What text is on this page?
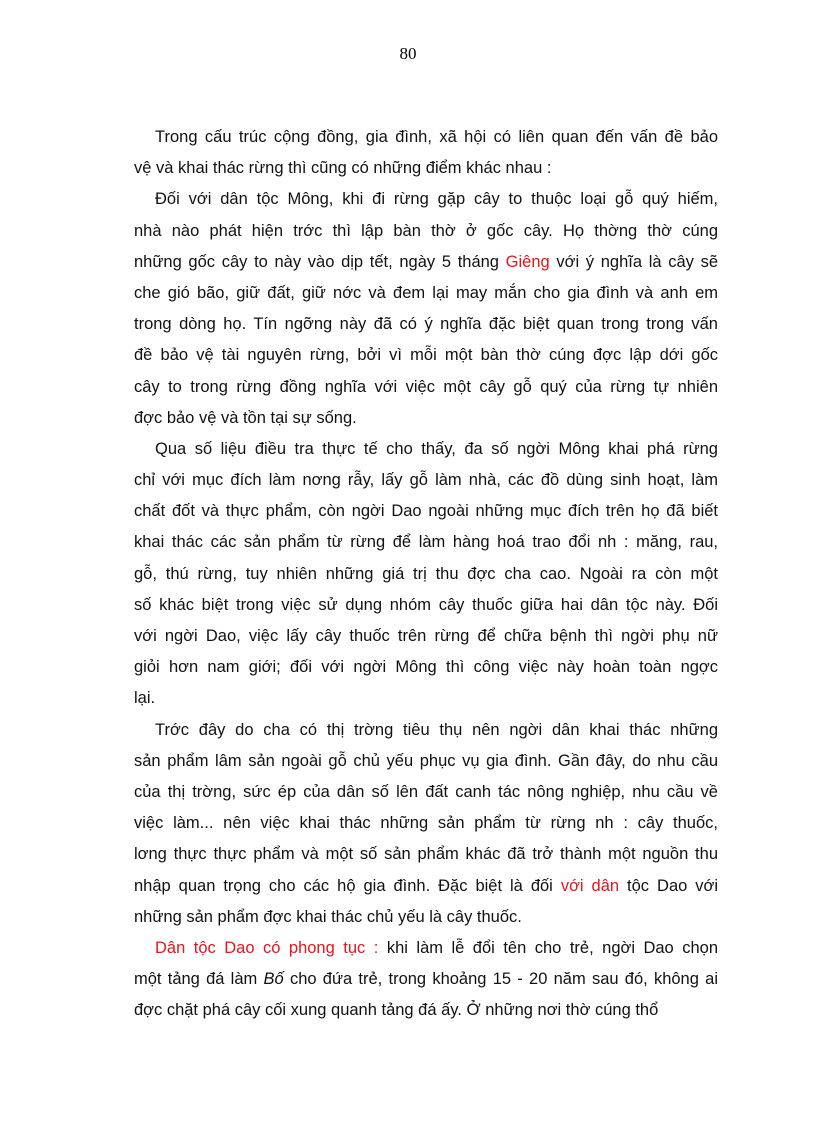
80
Trong cấu trúc cộng đồng, gia đình, xã hội có liên quan đến vấn đề bảo
vệ và khai thác rừng thì cũng có những điểm khác nhau :
Đối với dân tộc Mông, khi đi rừng gặp cây to thuộc loại gỗ quý hiếm,
nhà nào phát hiện trớc thì lập bàn thờ ở gốc cây. Họ thờng thờ cúng
những gốc cây to này vào dịp tết, ngày 5 tháng Giêng với ý nghĩa là cây sẽ
che gió bão, giữ đất, giữ nớc và đem lại may mắn cho gia đình và anh em
trong dòng họ. Tín ngỡng này đã có ý nghĩa đặc biệt quan trong trong vấn
đề bảo vệ tài nguyên rừng, bởi vì mỗi một bàn thờ cúng đợc lập dới gốc
cây to trong rừng đồng nghĩa với việc một cây gỗ quý của rừng tự nhiên
đợc bảo vệ và tồn tại sự sống.
Qua số liệu điều tra thực tế cho thấy, đa số ngời Mông khai phá rừng
chỉ với mục đích làm nơng rẫy, lấy gỗ làm nhà, các đồ dùng sinh hoạt, làm
chất đốt và thực phẩm, còn ngời Dao ngoài những mục đích trên họ đã biết
khai thác các sản phẩm từ rừng để làm hàng hoá trao đổi nh : măng, rau,
gỗ, thú rừng, tuy nhiên những giá trị thu đợc cha cao. Ngoài ra còn một
số khác biệt trong việc sử dụng nhóm cây thuốc giữa hai dân tộc này. Đối
với ngời Dao, việc lấy cây thuốc trên rừng để chữa bệnh thì ngời phụ nữ
giỏi hơn nam giới; đối với ngời Mông thì công việc này hoàn toàn ngợc
lại.
Trớc đây do cha có thị trờng tiêu thụ nên ngời dân khai thác những
sản phẩm lâm sản ngoài gỗ chủ yếu phục vụ gia đình. Gần đây, do nhu cầu
của thị trờng, sức ép của dân số lên đất canh tác nông nghiệp, nhu cầu về
việc làm... nên việc khai thác những sản phẩm từ rừng nh : cây thuốc,
lơng thực thực phẩm và một số sản phẩm khác đã trở thành một nguồn thu
nhập quan trọng cho các hộ gia đình. Đặc biệt là đối với dân tộc Dao với
những sản phẩm đợc khai thác chủ yếu là cây thuốc.
Dân tộc Dao có phong tục : khi làm lễ đổi tên cho trẻ, ngời Dao chọn
một tảng đá làm Bố cho đứa trẻ, trong khoảng 15 - 20 năm sau đó, không ai
đợc chặt phá cây cối xung quanh tảng đá ấy. Ở những nơi thờ cúng thổ
